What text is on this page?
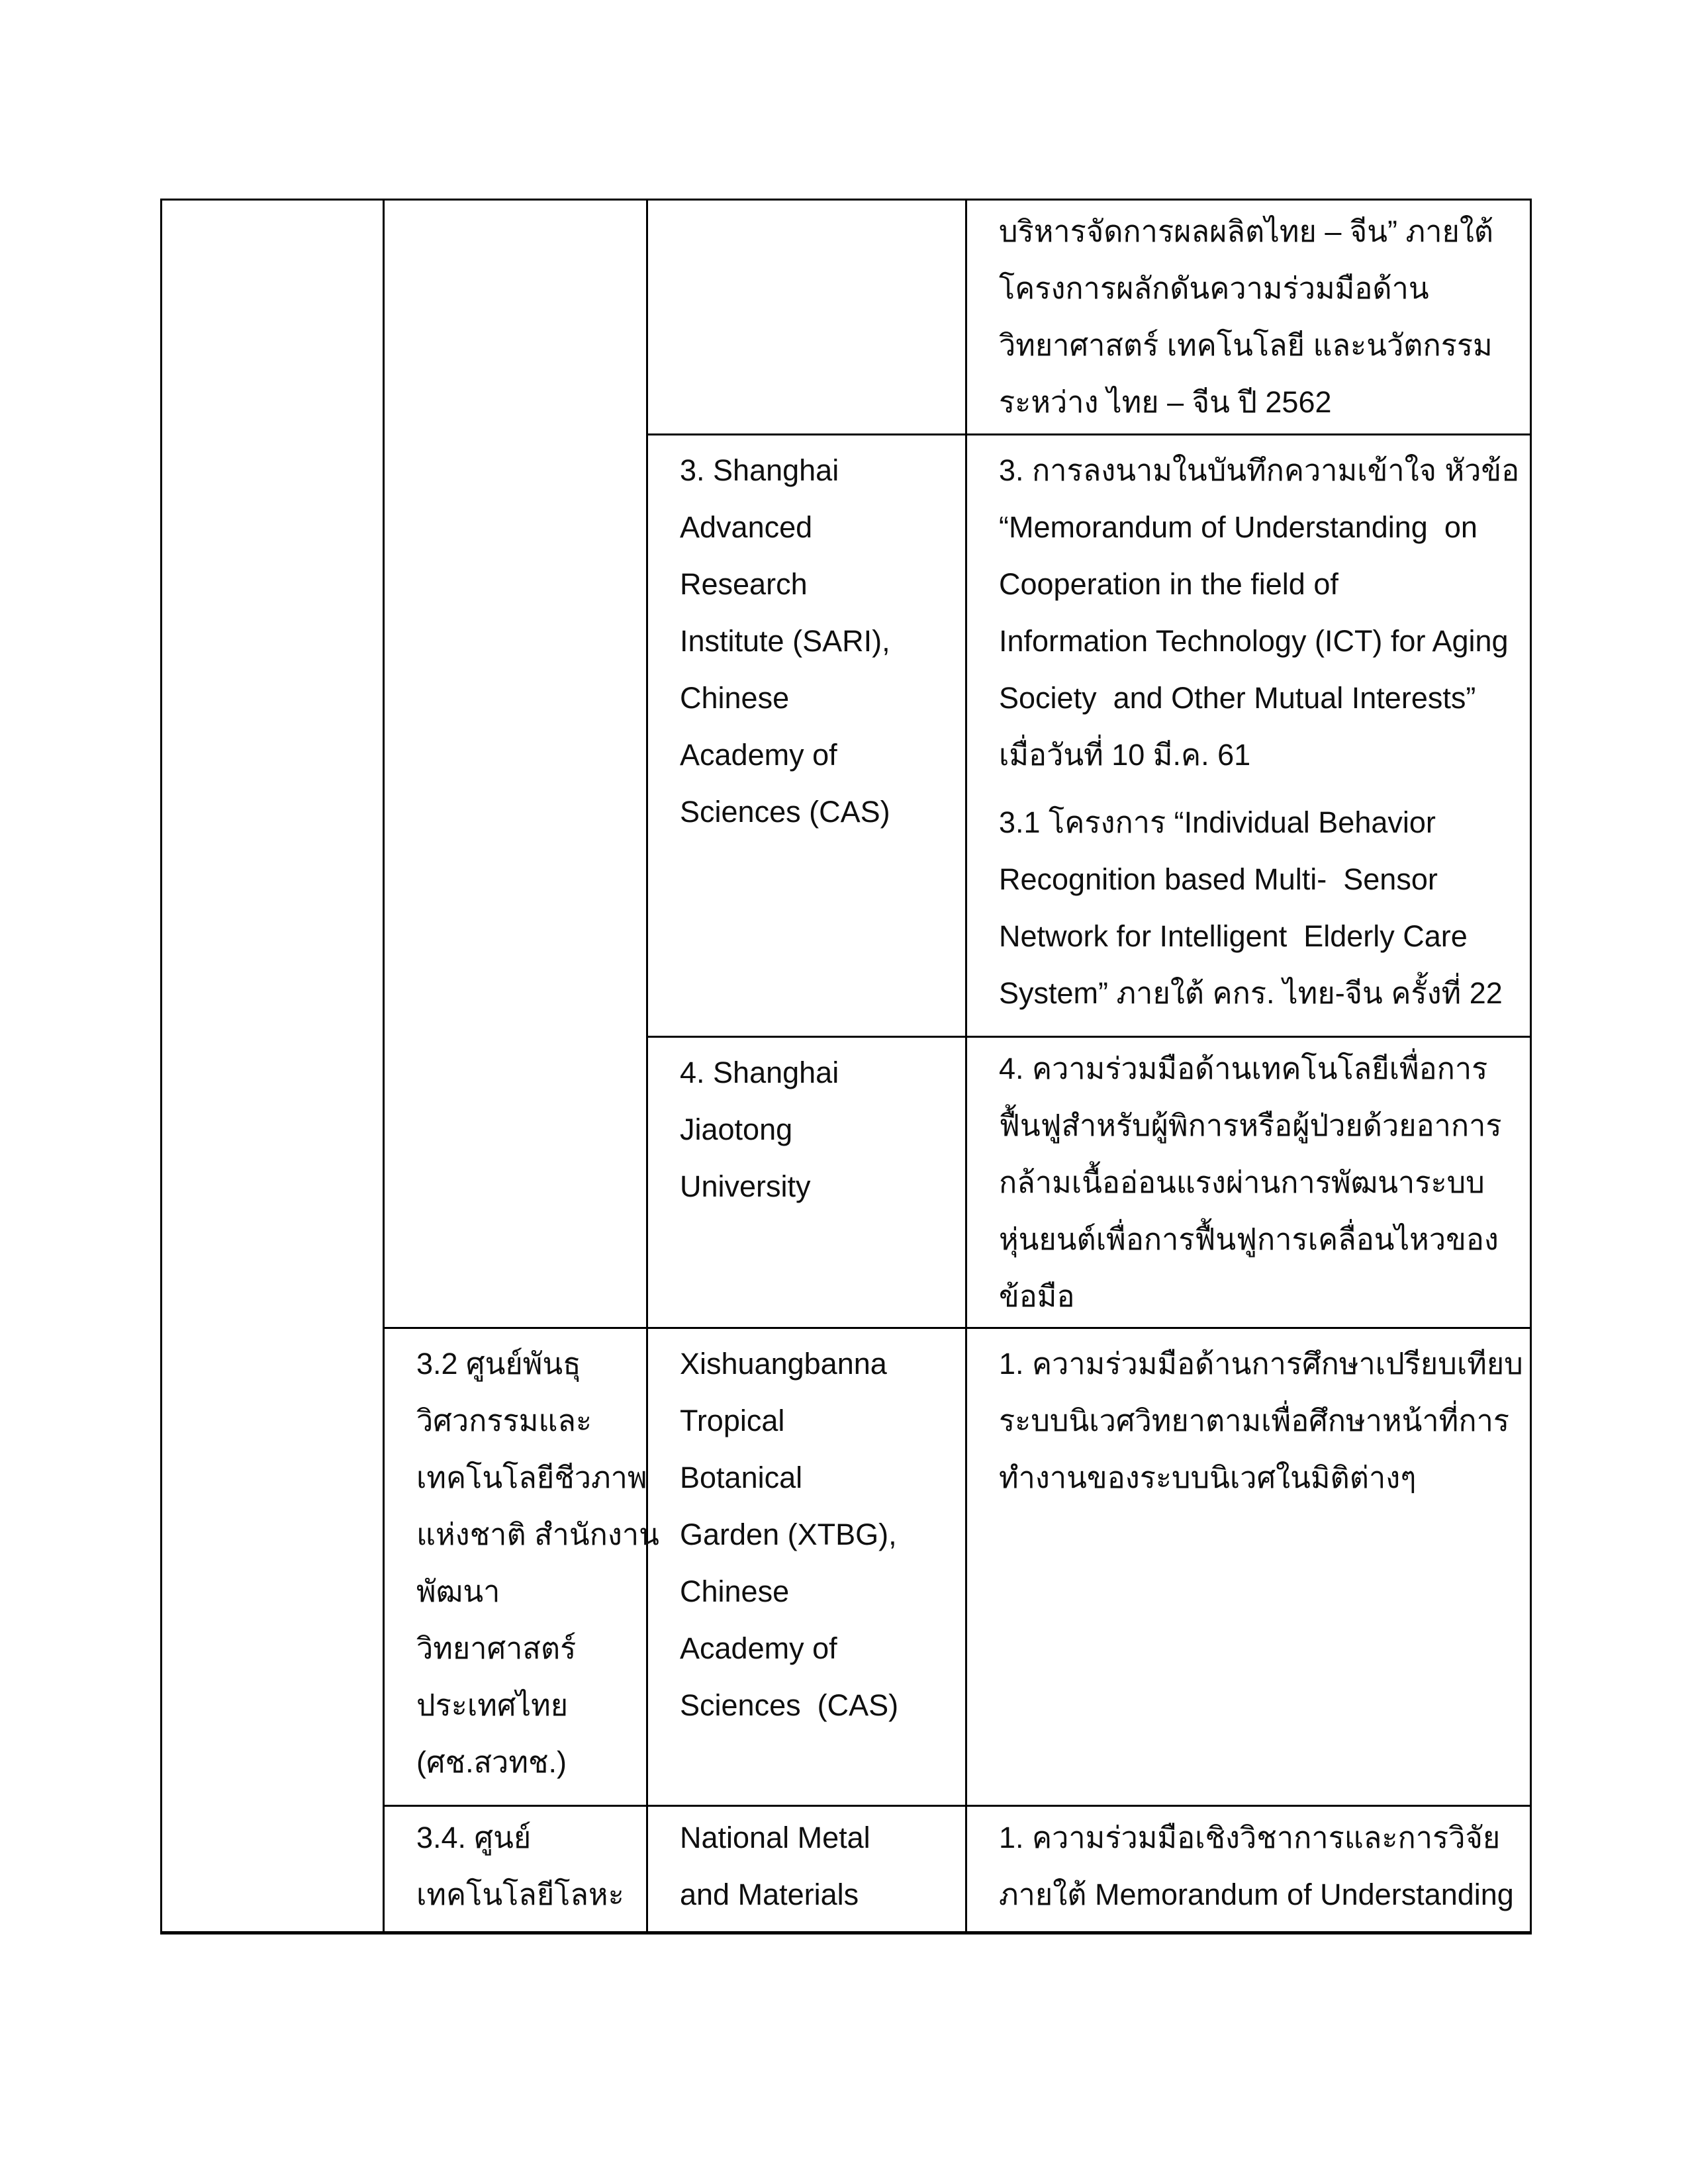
บริหารจัดการผลผลิตไทย – จีน” ภายใต้
โครงการผลักดันความร่วมมือด้าน
วิทยาศาสตร์ เทคโนโลยี และนวัตกรรม
ระหว่าง ไทย – จีน ปี 2562
3. Shanghai
Advanced
Research
Institute (SARI),
Chinese
Academy of
Sciences (CAS)
3. การลงนามในบันทึกความเข้าใจ หัวข้อ
“Memorandum of Understanding  on
Cooperation in the field of
Information Technology (ICT) for Aging
Society  and Other Mutual Interests”
เมื่อวันที่ 10 มี.ค. 61
3.1 โครงการ “Individual Behavior
Recognition based Multi-  Sensor
Network for Intelligent  Elderly Care
System” ภายใต้ คกร. ไทย-จีน ครั้งที่ 22
4. Shanghai
Jiaotong
University
4. ความร่วมมือด้านเทคโนโลยีเพื่อการ
ฟื้นฟูสำหรับผู้พิการหรือผู้ป่วยด้วยอาการ
กล้ามเนื้ออ่อนแรงผ่านการพัฒนาระบบ
หุ่นยนต์เพื่อการฟื้นฟูการเคลื่อนไหวของ
ข้อมือ
3.2 ศูนย์พันธุ
วิศวกรรมและ
เทคโนโลยีชีวภาพ
แห่งชาติ สำนักงาน
พัฒนา
วิทยาศาสตร์
ประเทศไทย
(ศช.สวทช.)
Xishuangbanna
Tropical
Botanical
Garden (XTBG),
Chinese
Academy of
Sciences  (CAS)
1. ความร่วมมือด้านการศึกษาเปรียบเทียบ
ระบบนิเวศวิทยาตามเพื่อศึกษาหน้าที่การ
ทำงานของระบบนิเวศในมิติต่างๆ
3.4. ศูนย์
เทคโนโลยีโลหะ
National Metal
and Materials
1. ความร่วมมือเชิงวิชาการและการวิจัย
ภายใต้ Memorandum of Understanding
